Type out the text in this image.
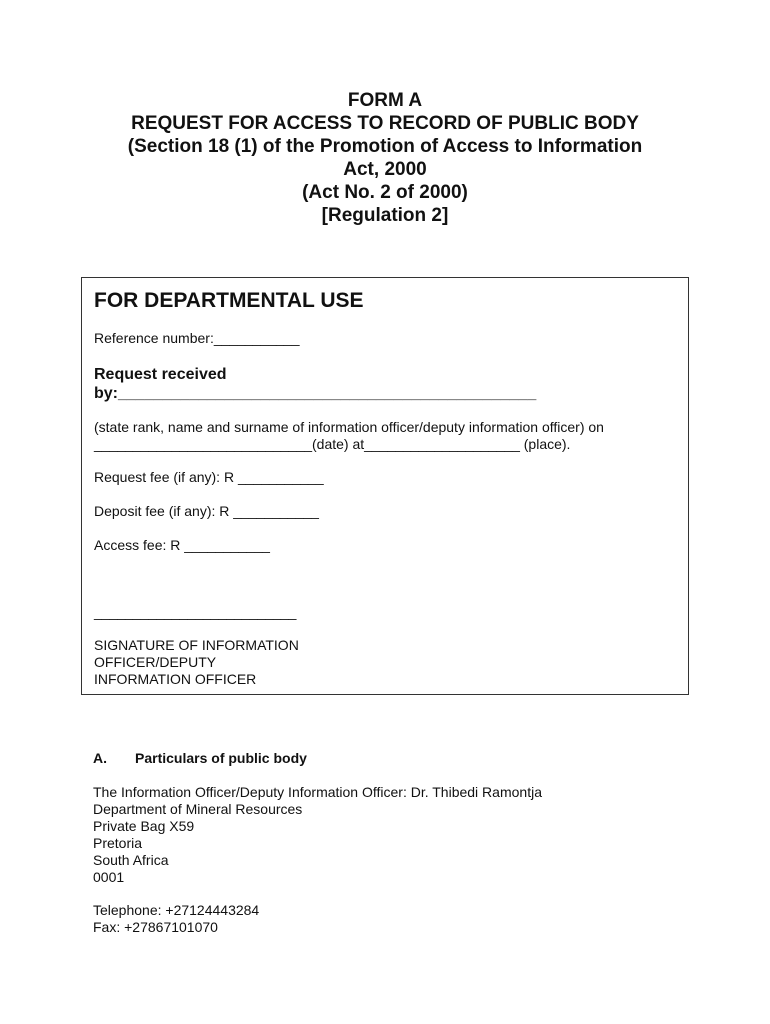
FORM A
REQUEST FOR ACCESS TO RECORD OF PUBLIC BODY
(Section 18 (1) of the Promotion of Access to Information
Act, 2000
(Act No. 2 of 2000)
[Regulation 2]
FOR DEPARTMENTAL USE
Reference number:___________
Request received
by:_______________________________________________
(state rank, name and surname of information officer/deputy information officer) on
____________________________(date) at____________________ (place).
Request fee (if any): R ___________
Deposit fee (if any): R ___________
Access fee: R ___________
__________________________
SIGNATURE OF INFORMATION
OFFICER/DEPUTY
INFORMATION OFFICER
A. Particulars of public body
The Information Officer/Deputy Information Officer: Dr. Thibedi Ramontja
Department of Mineral Resources
Private Bag X59
Pretoria
South Africa
0001
Telephone: +27124443284
Fax: +27867101070
